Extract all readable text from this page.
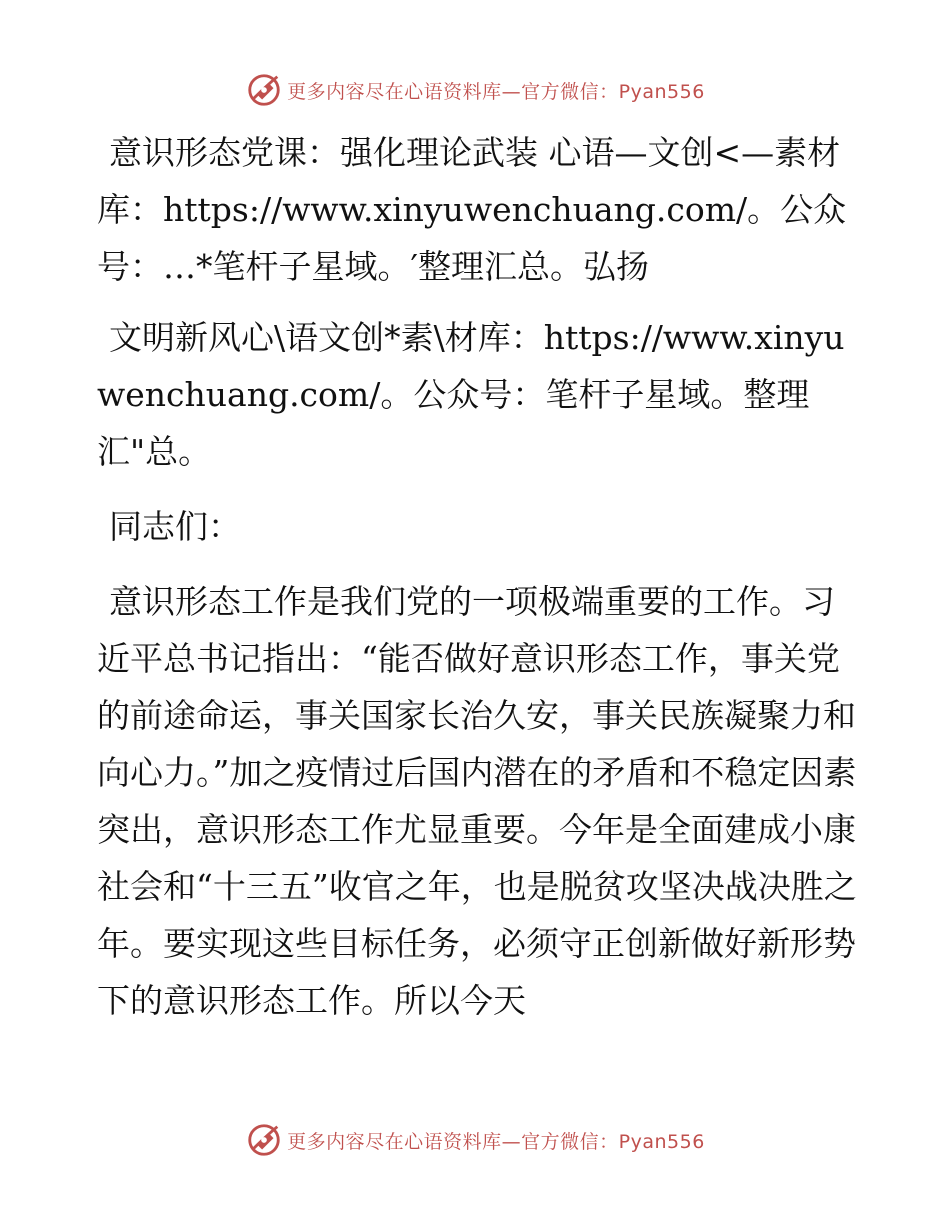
更多内容尽在心语资料库—官方微信：Pyan556

意识形态党课：强化理论武装 心语—文创<—素材库：https://www.xinyuwenchuang.com/。公众号：…*笔杆子星域。′整理汇总。弘扬

文明新风心\语文创*素\材库：https://www.xinyuwenchuang.com/。公众号：笔杆子星域。整理汇"总。

同志们：

意识形态工作是我们党的一项极端重要的工作。习近平总书记指出：“能否做好意识形态工作，事关党的前途命运，事关国家长治久安，事关民族凝聚力和向心力。”加之疫情过后国内潜在的矛盾和不稳定因素突出，意识形态工作尤显重要。今年是全面建成小康社会和“十三五”收官之年，也是脱贫攻坚决战决胜之年。要实现这些目标任务，必须守正创新做好新形势下的意识形态工作。所以今天

更多内容尽在心语资料库—官方微信：Pyan556
